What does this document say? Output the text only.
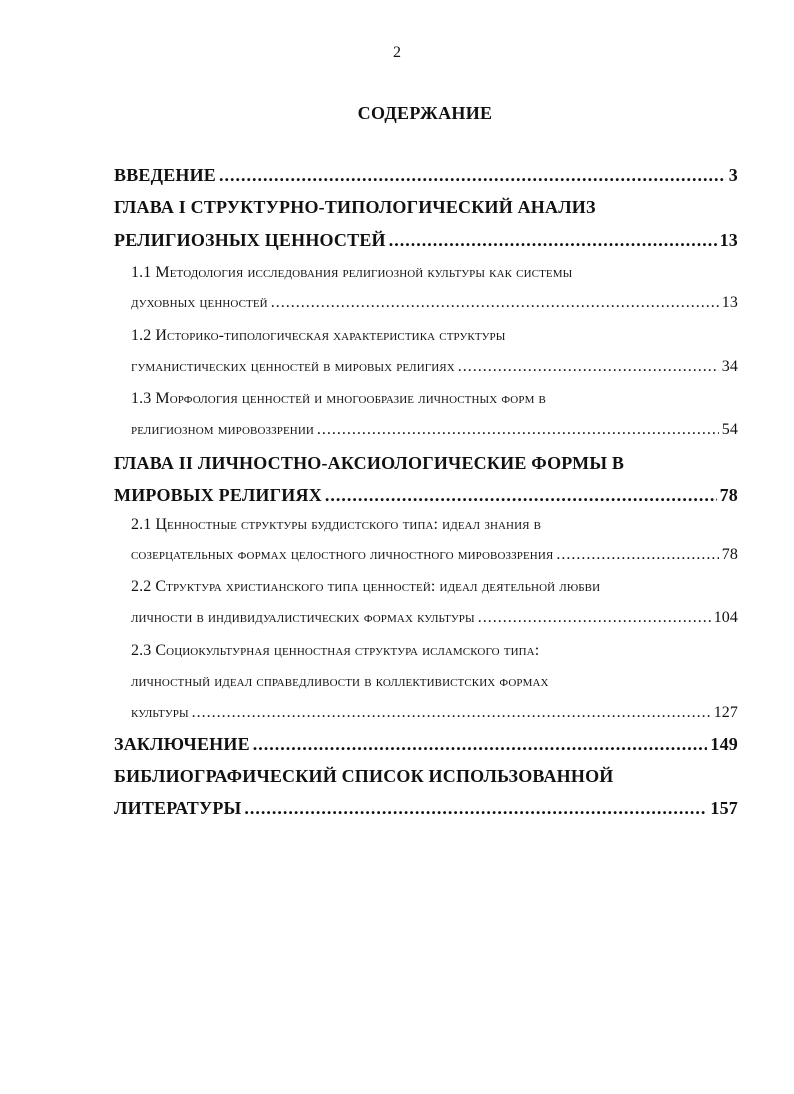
2
СОДЕРЖАНИЕ
ВВЕДЕНИЕ .....	3
ГЛАВА I СТРУКТУРНО-ТИПОЛОГИЧЕСКИЙ АНАЛИЗ
РЕЛИГИОЗНЫХ ЦЕННОСТЕЙ .....	13
1.1 Методология исследования религиозной культуры как системы
духовных ценностей .....	13
1.2 Историко-типологическая характеристика структуры
гуманистических ценностей в мировых религиях .....	34
1.3 Морфология ценностей и многообразие личностных форм в
религиозном мировоззрении .....	54
ГЛАВА II ЛИЧНОСТНО-АКСИОЛОГИЧЕСКИЕ ФОРМЫ В
МИРОВЫХ РЕЛИГИЯХ .....	78
2.1 Ценностные структуры буддистского типа: идеал знания в
созерцательных формах целостного личностного мировоззрения .....	78
2.2 Структура христианского типа ценностей: идеал деятельной любви
личности в индивидуалистических формах культуры .....	104
2.3 Социокультурная ценностная структура исламского типа:
личностный идеал справедливости в коллективистских формах
культуры .....	127
ЗАКЛЮЧЕНИЕ .....	149
БИБЛИОГРАФИЧЕСКИЙ СПИСОК ИСПОЛЬЗОВАННОЙ
ЛИТЕРАТУРЫ .....	157
